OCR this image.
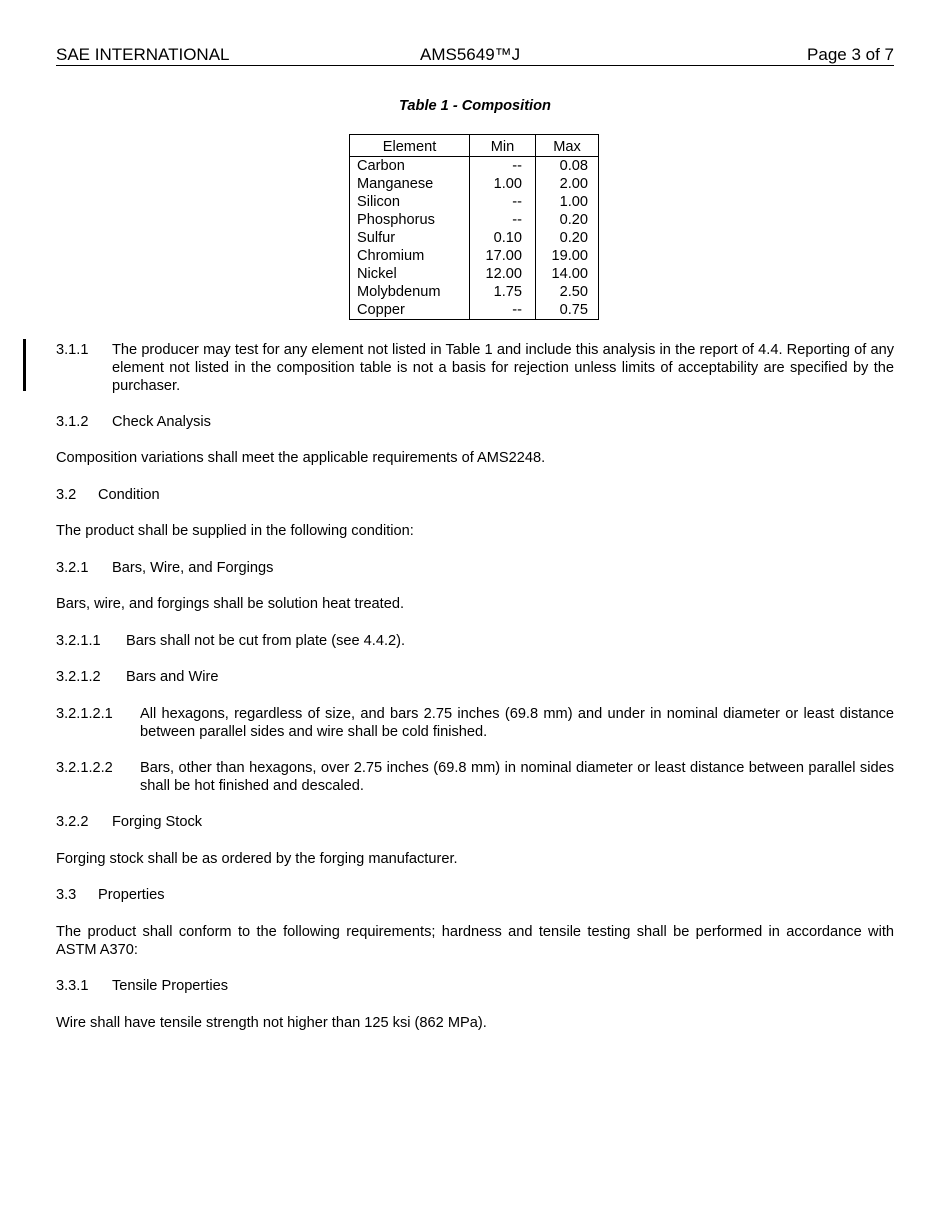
SAE INTERNATIONAL	AMS5649™J	Page 3 of 7
Table 1 - Composition
Element	Min	Max
Carbon	--	0.08
Manganese	1.00	2.00
Silicon	--	1.00
Phosphorus	--	0.20
Sulfur	0.10	0.20
Chromium	17.00	19.00
Nickel	12.00	14.00
Molybdenum	1.75	2.50
Copper	--	0.75
3.1.1	The producer may test for any element not listed in Table 1 and include this analysis in the report of 4.4. Reporting of any element not listed in the composition table is not a basis for rejection unless limits of acceptability are specified by the purchaser.
3.1.2	Check Analysis

Composition variations shall meet the applicable requirements of AMS2248.

3.2	Condition

The product shall be supplied in the following condition:

3.2.1	Bars, Wire, and Forgings

Bars, wire, and forgings shall be solution heat treated.

3.2.1.1	Bars shall not be cut from plate (see 4.4.2).
3.2.1.2	Bars and Wire
3.2.1.2.1	All hexagons, regardless of size, and bars 2.75 inches (69.8 mm) and under in nominal diameter or least distance between parallel sides and wire shall be cold finished.
3.2.1.2.2	Bars, other than hexagons, over 2.75 inches (69.8 mm) in nominal diameter or least distance between parallel sides shall be hot finished and descaled.
3.2.2	Forging Stock

Forging stock shall be as ordered by the forging manufacturer.

3.3	Properties

The product shall conform to the following requirements; hardness and tensile testing shall be performed in accordance with ASTM A370:

3.3.1	Tensile Properties

Wire shall have tensile strength not higher than 125 ksi (862 MPa).
